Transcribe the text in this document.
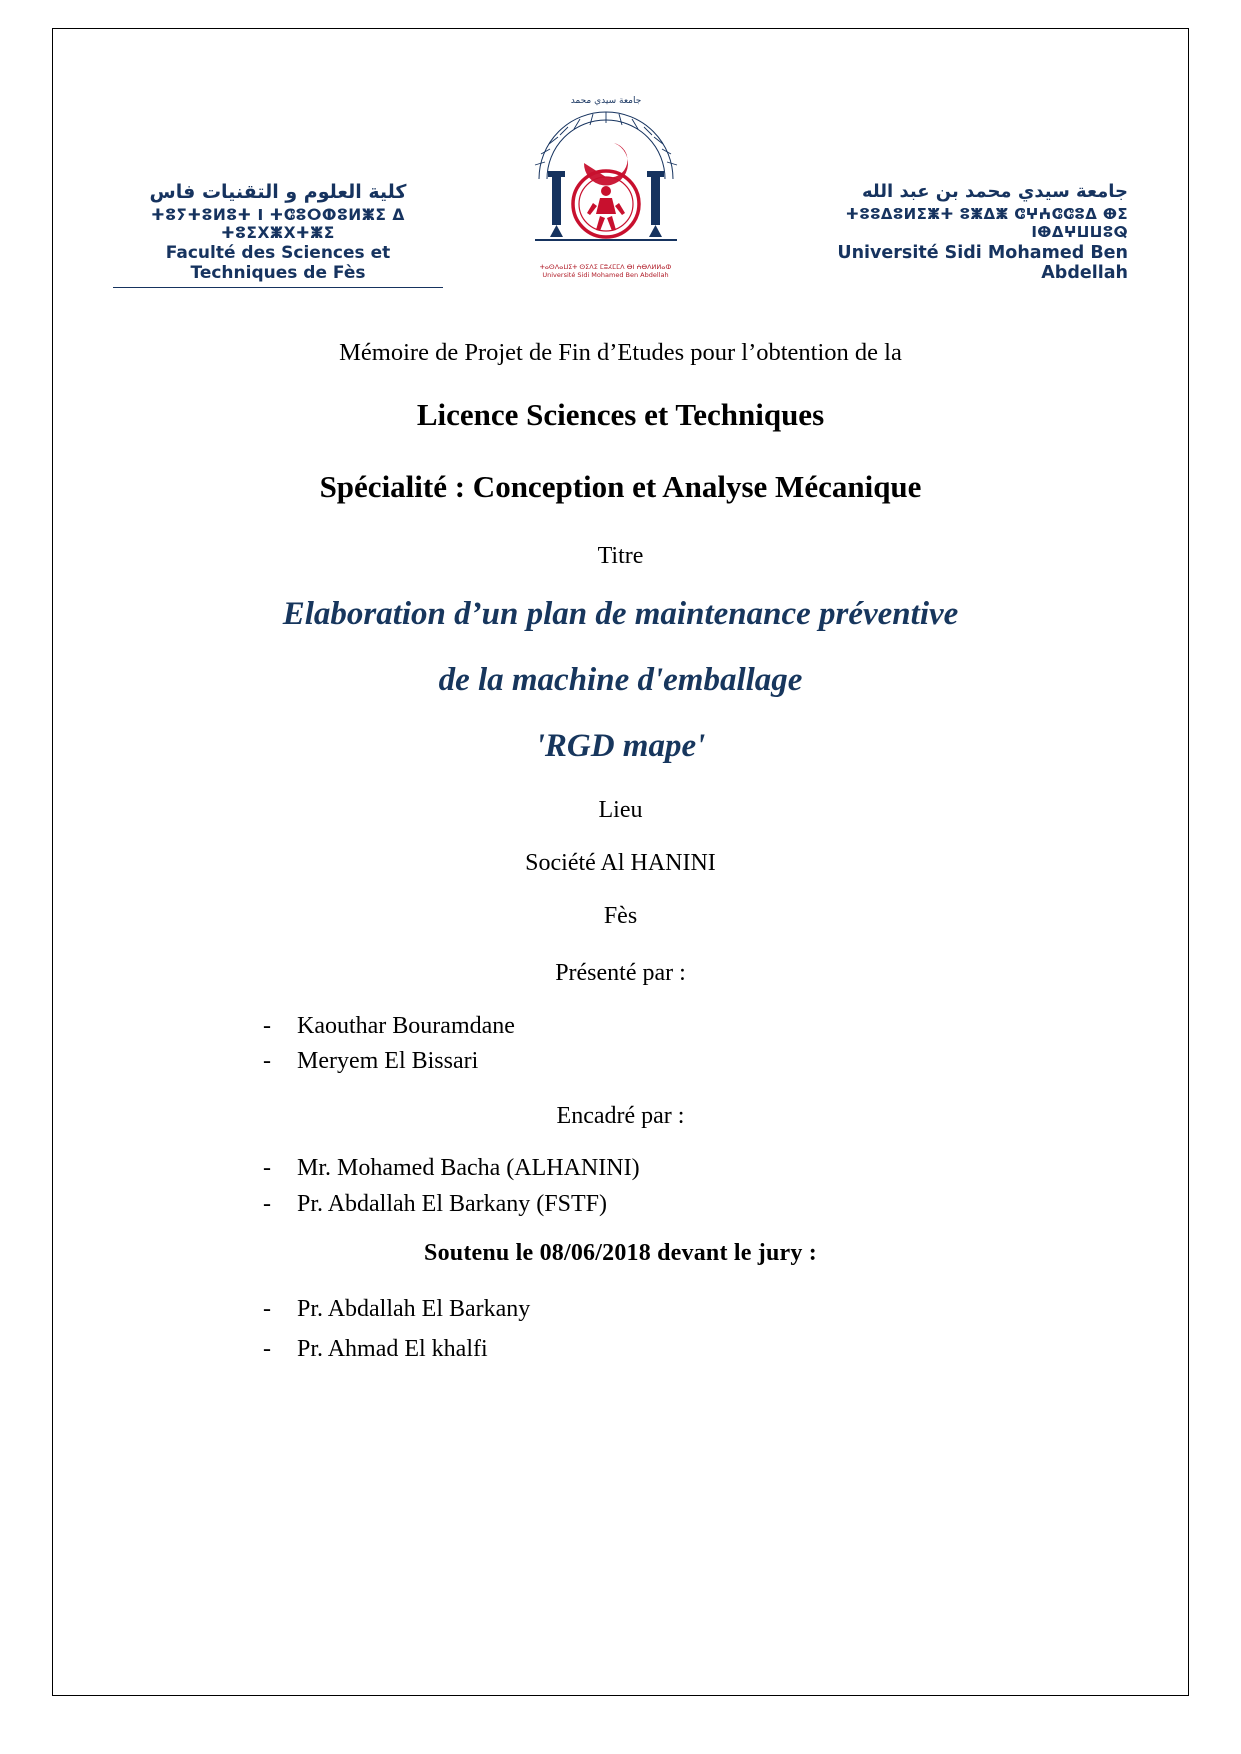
كلية العلوم و التقنيات فاس
ⵜⵓⵢⵜⵓⵍⵓⵜ Ⅰ ⵜⵛⵓⵔⵀⵓⵍⵥⵉ ⵠ ⵜⵓⵉⵝⵥⵝⵜⵥⵉ
Faculté des Sciences et Techniques de Fès
جامعة سيدي محمد
ⵜⴰⵙⴷⴰⵡⵉⵜ ⵙⵉⴷⵉ ⵎⵓⵃⵎⵎⴷ ⴱⵏ ⵄⴱⴷⵍⵍⴰⵀ
Université Sidi Mohamed Ben Abdellah
جامعة سيدي محمد بن عبد الله
ⵜⵓⵓⵠⵓⵍⵉⵥⵜ ⵓⵥⵠⵥ ⵛⵖⵄⵛⵛⵓⵠ ⴲⵉ ⵏⴲⵠⵖⵡⵡⵓⵕ
Université Sidi Mohamed Ben Abdellah
Mémoire de Projet de Fin d’Etudes pour l’obtention de la
Licence Sciences et Techniques
Spécialité : Conception et Analyse Mécanique
Titre
Elaboration d’un plan de maintenance préventive
de la machine d'emballage
'RGD mape'
Lieu
Société Al HANINI
Fès
Présenté par :
- Kaouthar Bouramdane
- Meryem El Bissari
Encadré par :
- Mr. Mohamed Bacha (ALHANINI)
- Pr. Abdallah El Barkany (FSTF)
Soutenu le 08/06/2018 devant le jury :
- Pr. Abdallah El Barkany
- Pr. Ahmad El khalfi
